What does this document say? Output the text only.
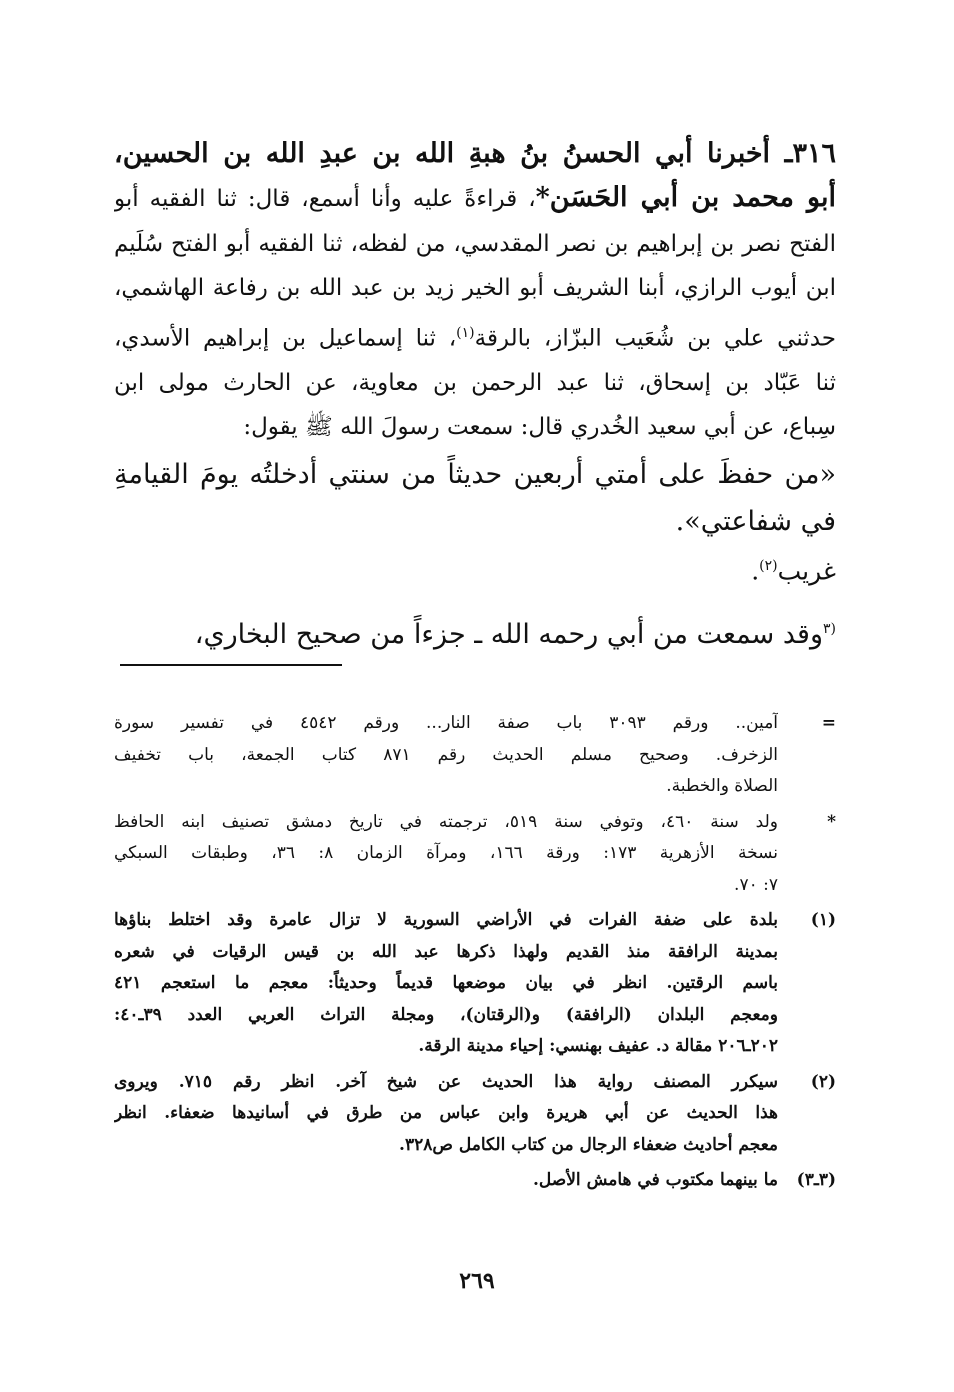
٣١٦ـ أخبرنا أبي الحسنُ بنُ هبةِ الله بن عبدِ الله بن الحسين،
أبو محمد بن أبي الحَسَن*، قراءةً عليه وأنا أسمع، قال: ثنا الفقيه أبو
الفتح نصر بن إبراهيم بن نصر المقدسي، من لفظه، ثنا الفقيه أبو الفتح سُلَيم
ابن أيوب الرازي، أبنا الشريف أبو الخير زيد بن عبد الله بن رفاعة الهاشمي،
حدثني علي بن شُعَيب البزّاز، بالرقة$^{(١)}$، ثنا إسماعيل بن إبراهيم الأسدي،
ثنا عَبّاد بن إسحاق، ثنا عبد الرحمن بن معاوية، عن الحارث مولى ابن
سِباع، عن أبي سعيد الخُدري قال: سمعت رسولَ الله ﷺ يقول:
«من حفظَ على أمتي أربعين حديثاً من سنتي أدخلتُه يومَ القيامةِ
في شفاعتي».
غريب$^{(٢)}$.
$^{(٣}$وقد سمعت من أبي رحمه الله ـ جزءاً من صحيح البخاري،
=
آمين.. ورقم ٣٠٩٣ باب صفة النار... ورقم ٤٥٤٢ في تفسير سورة
الزخرف. وصحيح مسلم الحديث رقم ٨٧١ كتاب الجمعة، باب تخفيف
الصلاة والخطبة.
*
ولد سنة ٤٦٠، وتوفي سنة ٥١٩، ترجمته في تاريخ دمشق تصنيف ابنه الحافظ
نسخة الأزهرية ١٧٣: ورقة ١٦٦، ومرآة الزمان ٨: ٣٦، وطبقات السبكي
٧: ٧٠.
(١)
بلدة على ضفة الفرات في الأراضي السورية لا تزال عامرة وقد اختلط بناؤها
بمدينة الرافقة منذ القديم ولهذا ذكرها عبد الله بن قيس الرقيات في شعره
باسم الرقتين. انظر في بيان موضعها قديماً وحديثاً: معجم ما استعجم ٤٢١
ومعجم البلدان (الرافقة) و(الرقتان)، ومجلة التراث العربي العدد ٣٩ـ٤٠:
٢٠٢ـ٢٠٦ مقالة د. عفيف بهنسي: إحياء مدينة الرقة.
(٢)
سيكرر المصنف رواية هذا الحديث عن شيخ آخر. انظر رقم ٧١٥. ويروى
هذا الحديث عن أبي هريرة وابن عباس من طرق في أسانيدها ضعفاء. انظر
معجم أحاديث ضعفاء الرجال من كتاب الكامل ص٣٢٨.
(٣ـ٣)
ما بينهما مكتوب في هامش الأصل.
٢٦٩
